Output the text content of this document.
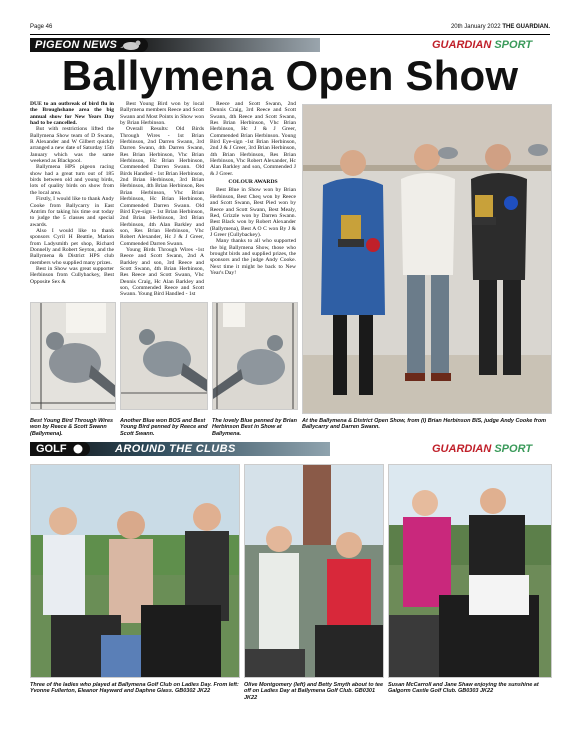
Page 46	20th January 2022 THE GUARDIAN.
PIGEON NEWS	GUARDIAN SPORT
Ballymena Open Show

DUE to an outbreak of bird flu in the Broughshane area the big annual show for New Years Day had to be cancelled.

But with restrictions lifted the Ballymena Show team of D Swann, R Alexander and W Gilbert quickly arranged a new date of Saturday 15th January which was the same weekend as Blackpool.

Ballymena HPS pigeon racing show had a great turn out of 185 birds between old and young birds, lots of quality birds on show from the local area.

Firstly, I would like to thank Andy Cooke from Ballycarry in East Antrim for taking his time out today to judge the 5 classes and special awards.

Also I would like to thank sponsors Cyril H Beattie, Marion from Ladysmith pet shop, Richard Donnelly and Robert Seyton, and the Ballymena & District HPS club members who supplied many prizes.

Best in Show was great supporter Herbinson from Cullybackey, Best Opposite Sex &

Best Young Bird won by local Ballymena members Reece and Scott Swann and Most Points in Show won by Brian Herbinson.

Overall Results: Old Birds Through Wires - 1st Brian Herbinson, 2nd Darren Swann, 3rd Darren Swann, 4th Darren Swann, Res Brian Herbinson, Vhc Brian Herbinson, Hc Brian Herbinson, Commended Darren Swann. Old Birds Handled - 1st Brian Herbinson, 2nd Brian Herbinson, 3rd Brian Herbinson, 4th Brian Herbinson, Res Brian Herbinson, Vhc Brian Herbinson, Hc Brian Herbinson, Commended Darren Swann. Old Bird Eye-sign - 1st Brian Herbinson, 2nd Brian Herbinson, 3rd Brian Herbinson, 4th Alan Barkley and son, Res Brian Herbinson, Vhc Robert Alexander, Hc J & J Greer, Commended Darren Swann.

Young Birds Through Wires -1st Reece and Scott Swann, 2nd A Barkley and son, 3rd Reece and Scott Swann, 4th Brian Herbinson, Res Reece and Scott Swann, Vhc Dennis Craig, Hc Alan Barkley and son, Commended Reece and Scott Swann. Young Bird Handled - 1st

Reece and Scott Swann, 2nd Dennis Craig, 3rd Reece and Scott Swann, 4th Reece and Scott Swann, Res Brian Herbinson, Vhc Brian Herbinson, Hc J & J Greer, Commended Brian Herbinson. Young Bird Eye-sign -1st Brian Herbinson, 2nd J & J Greer, 3rd Brian Herbinson, 4th Brian Herbinson, Res Brian Herbinson, Vhc Robert Alexander, Hc Alan Barkley and son, Commended J & J Greer.

COLOUR AWARDS

Best Blue in Show won by Brian Herbinson, Best Cheq won by Reece and Scott Swann, Best Pied won by Reece and Scott Swann, Best Mealy, Red, Grizzle won by Darren Swann. Best Black won by Robert Alexander (Ballymena), Best A O C won By J & J Greer (Cullybackey).

Many thanks to all who supported the big Ballymena Show, those who brought birds and supplied prizes, the sponsors and the judge Andy Cooke. Next time it might be back to New Year's Day!

Best Young Bird Through Wires won by Reece & Scott Swann (Ballymena).
Another Blue won BOS and Best Young Bird penned by Reece and Scott Swann.
The lovely Blue penned by Brian Herbinson Best in Show at Ballymena.
At the Ballymena & District Open Show, from (l) Brian Herbinson BIS, judge Andy Cooke from Ballycarry and Darren Swann.
GOLF	AROUND THE CLUBS	GUARDIAN SPORT
Three of the ladies who played at Ballymena Golf Club on Ladies Day. From left: Yvonne Fullerton, Eleanor Hayward and Daphne Glass. GB0302 JK22
Olive Montgomery (left) and Betty Smyth about to tee off on Ladies Day at Ballymena Golf Club. GB0301 JK22
Susan McCarroll and Jane Shaw enjoying the sunshine at Galgorm Castle Golf Club. GB0303 JK22
